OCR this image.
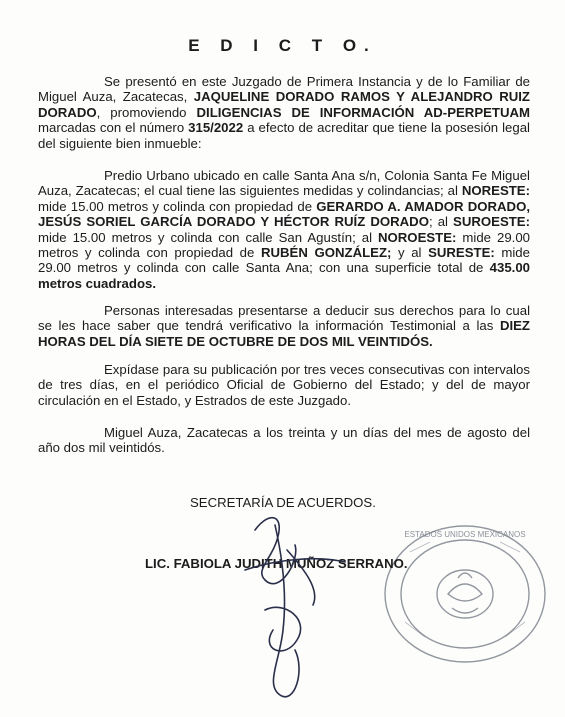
E D I C T O.
Se presentó en este Juzgado de Primera Instancia y de lo Familiar de Miguel Auza, Zacatecas, JAQUELINE DORADO RAMOS Y ALEJANDRO RUIZ DORADO, promoviendo DILIGENCIAS DE INFORMACIÓN AD-PERPETUAM marcadas con el número 315/2022 a efecto de acreditar que tiene la posesión legal del siguiente bien inmueble:
Predio Urbano ubicado en calle Santa Ana s/n, Colonia Santa Fe Miguel Auza, Zacatecas; el cual tiene las siguientes medidas y colindancias; al NORESTE: mide 15.00 metros y colinda con propiedad de GERARDO A. AMADOR DORADO, JESÚS SORIEL GARCÍA DORADO Y HÉCTOR RUÍZ DORADO; al SUROESTE: mide 15.00 metros y colinda con calle San Agustín; al NOROESTE: mide 29.00 metros y colinda con propiedad de RUBÉN GONZÁLEZ; y al SURESTE: mide 29.00 metros y colinda con calle Santa Ana; con una superficie total de 435.00 metros cuadrados.
Personas interesadas presentarse a deducir sus derechos para lo cual se les hace saber que tendrá verificativo la información Testimonial a las DIEZ HORAS DEL DÍA SIETE DE OCTUBRE DE DOS MIL VEINTIDÓS.
Expídase para su publicación por tres veces consecutivas con intervalos de tres días, en el periódico Oficial de Gobierno del Estado; y del de mayor circulación en el Estado, y Estrados de este Juzgado.
Miguel Auza, Zacatecas a los treinta y un días del mes de agosto del año dos mil veintidós.
SECRETARÍA DE ACUERDOS.
ESTADOS UNIDOS MEXICANOS
LIC. FABIOLA JUDITH MUÑOZ SERRANO.
